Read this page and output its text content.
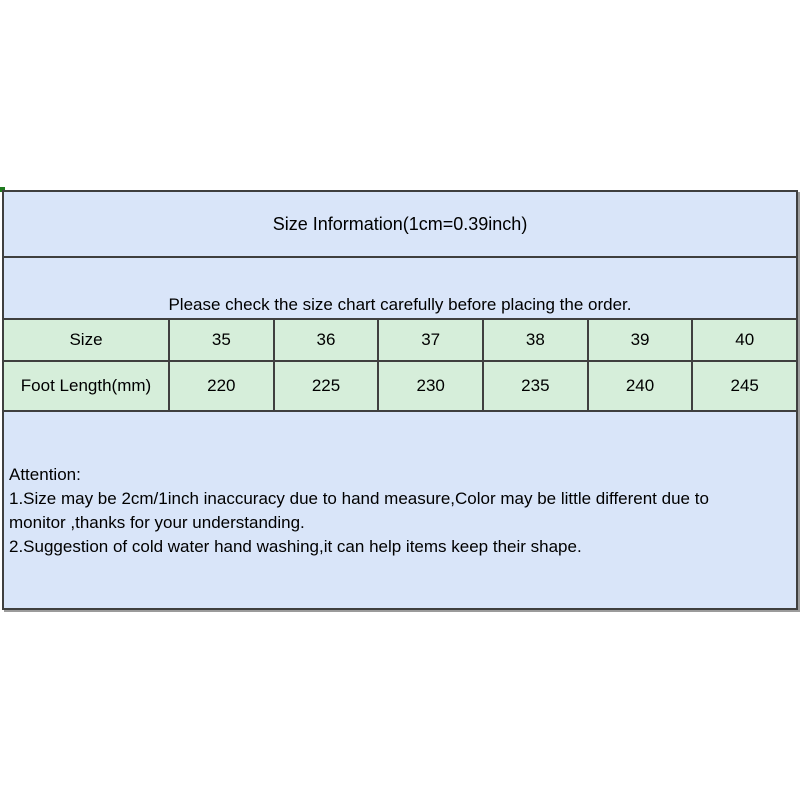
Size Information(1cm=0.39inch)
Please check the size chart carefully before placing the order.
Size	35	36	37	38	39	40
Foot Length(mm)	220	225	230	235	240	245
Attention:
1.Size may be 2cm/1inch inaccuracy due to hand measure,Color may be little different due to
monitor ,thanks for your understanding.
2.Suggestion of cold water hand washing,it can help items keep their shape.
